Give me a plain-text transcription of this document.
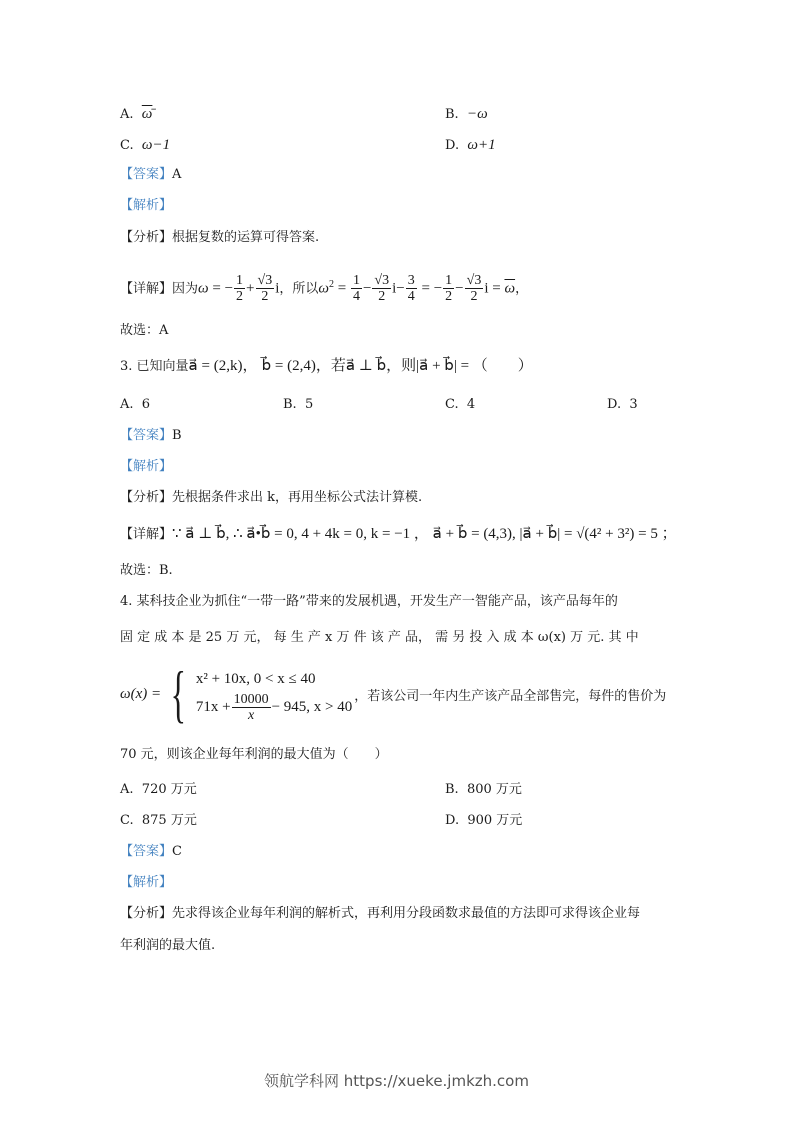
A. ω̄	B. −ω
C. ω−1	D. ω+1
【答案】A
【解析】
【分析】根据复数的运算可得答案.
【详解】因为ω = − $\frac{1}{2} + \frac{√3}{2}$ i，所以$\omega^2 = \frac{1}{4} - \frac{√3}{2} i- \frac{3}{4}$ = − $\frac{1}{2} - \frac{√3}{2}$ $i = \overline{\omega}$，
故选：A
3. 已知向量a⃗ = (2,k)， b⃗ = (2,4)，若a⃗ ⊥ b⃗，则|a⃗ + b⃗| = （　　）
A. 6	B. 5	C. 4	D. 3
【答案】B
【解析】
【分析】先根据条件求出 k，再用坐标公式法计算模.
【详解】∵ a⃗ ⊥ b⃗, ∴ a⃗•b⃗ = 0, 4 + 4k = 0, k = −1 ， a⃗ + b⃗ = (4,3), |a⃗ + b⃗| = √(4² + 3²) = 5 ；
故选：B.
4. 某科技企业为抓住“一带一路”带来的发展机遇，开发生产一智能产品，该产品每年的
固 定 成 本 是 25 万 元， 每 生 产 x 万 件 该 产 品， 需 另 投 入 成 本 ω(x) 万 元. 其 中
ω(x) = { x² + 10x, 0 < x ≤ 40
$71x + \frac{10000}{x} - 945$, x > 40
，若该公司一年内生产该产品全部售完，每件的售价为
70 元，则该企业每年利润的最大值为（　　）
A. 720 万元	B. 800 万元
C. 875 万元	D. 900 万元
【答案】C
【解析】
【分析】先求得该企业每年利润的解析式，再利用分段函数求最值的方法即可求得该企业每
年利润的最大值.
领航学科网 https://xueke.jmkzh.com
